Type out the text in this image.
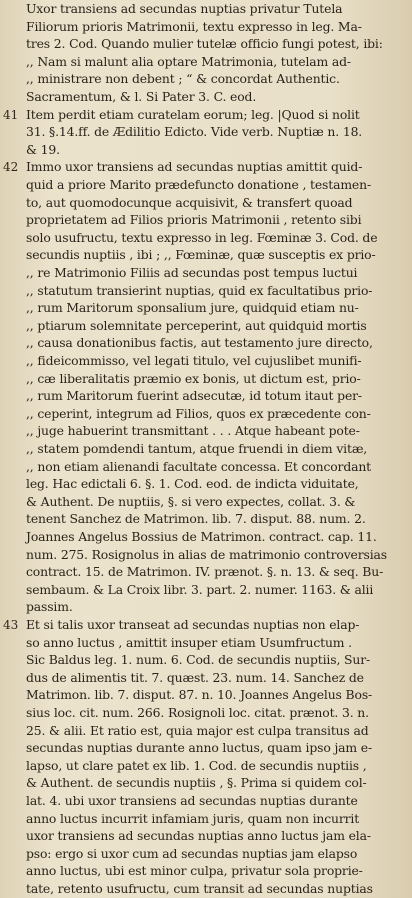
Uxor transiens ad secundas nuptias privatur Tutela
Filiorum prioris Matrimonii, textu expresso in leg. Ma-
tres 2. Cod. Quando mulier tutelæ officio fungi potest, ibi:
,, Nam si malunt alia optare Matrimonia, tutelam ad-
,, ministrare non debent ; “ & concordat Authentic.
Sacramentum, & l. Si Pater 3. C. eod.
41 Item perdit etiam curatelam eorum; leg. |Quod si nolit
31. §.14.ff. de Ædilitio Edicto. Vide verb. Nuptiæ n. 18.
& 19.
42 Immo uxor transiens ad secundas nuptias amittit quid-
quid a priore Marito prædefuncto donatione , testamen-
to, aut quomodocunque acquisivit, & transfert quoad
proprietatem ad Filios prioris Matrimonii , retento sibi
solo usufructu, textu expresso in leg. Fœminæ 3. Cod. de
secundis nuptiis , ibi ; ,, Fœminæ, quæ susceptis ex prio-
,, re Matrimonio Filiis ad secundas post tempus luctui
,, statutum transierint nuptias, quid ex facultatibus prio-
,, rum Maritorum sponsalium jure, quidquid etiam nu-
,, ptiarum solemnitate perceperint, aut quidquid mortis
,, causa donationibus factis, aut testamento jure directo,
,, fideicommisso, vel legati titulo, vel cujuslibet munifi-
,, cæ liberalitatis præmio ex bonis, ut dictum est, prio-
,, rum Maritorum fuerint adsecutæ, id totum itaut per-
,, ceperint, integrum ad Filios, quos ex præcedente con-
,, juge habuerint transmittant . . . Atque habeant pote-
,, statem pomdendi tantum, atque fruendi in diem vitæ,
,, non etiam alienandi facultate concessa. Et concordant
leg. Hac edictali 6. §. 1. Cod. eod. de indicta viduitate,
& Authent. De nuptiis, §. si vero expectes, collat. 3. &
tenent Sanchez de Matrimon. lib. 7. disput. 88. num. 2.
Joannes Angelus Bossius de Matrimon. contract. cap. 11.
num. 275. Rosignolus in alias de matrimonio controversias
contract. 15. de Matrimon. IV. prænot. §. n. 13. & seq. Bu-
sembaum. & La Croix libr. 3. part. 2. numer. 1163. & alii
passim.
43 Et si talis uxor transeat ad secundas nuptias non elap-
so anno luctus , amittit insuper etiam Usumfructum .
Sic Baldus leg. 1. num. 6. Cod. de secundis nuptiis, Sur-
dus de alimentis tit. 7. quæst. 23. num. 14. Sanchez de
Matrimon. lib. 7. disput. 87. n. 10. Joannes Angelus Bos-
sius loc. cit. num. 266. Rosignoli loc. citat. prænot. 3. n.
25. & alii. Et ratio est, quia major est culpa transitus ad
secundas nuptias durante anno luctus, quam ipso jam e-
lapso, ut clare patet ex lib. 1. Cod. de secundis nuptiis ,
& Authent. de secundis nuptiis , §. Prima si quidem col-
lat. 4. ubi uxor transiens ad secundas nuptias durante
anno luctus incurrit infamiam juris, quam non incurrit
uxor transiens ad secundas nuptias anno luctus jam ela-
pso: ergo si uxor cum ad secundas nuptias jam elapso
anno luctus, ubi est minor culpa, privatur sola proprie-
tate, retento usufructu, cum transit ad secundas nuptias
